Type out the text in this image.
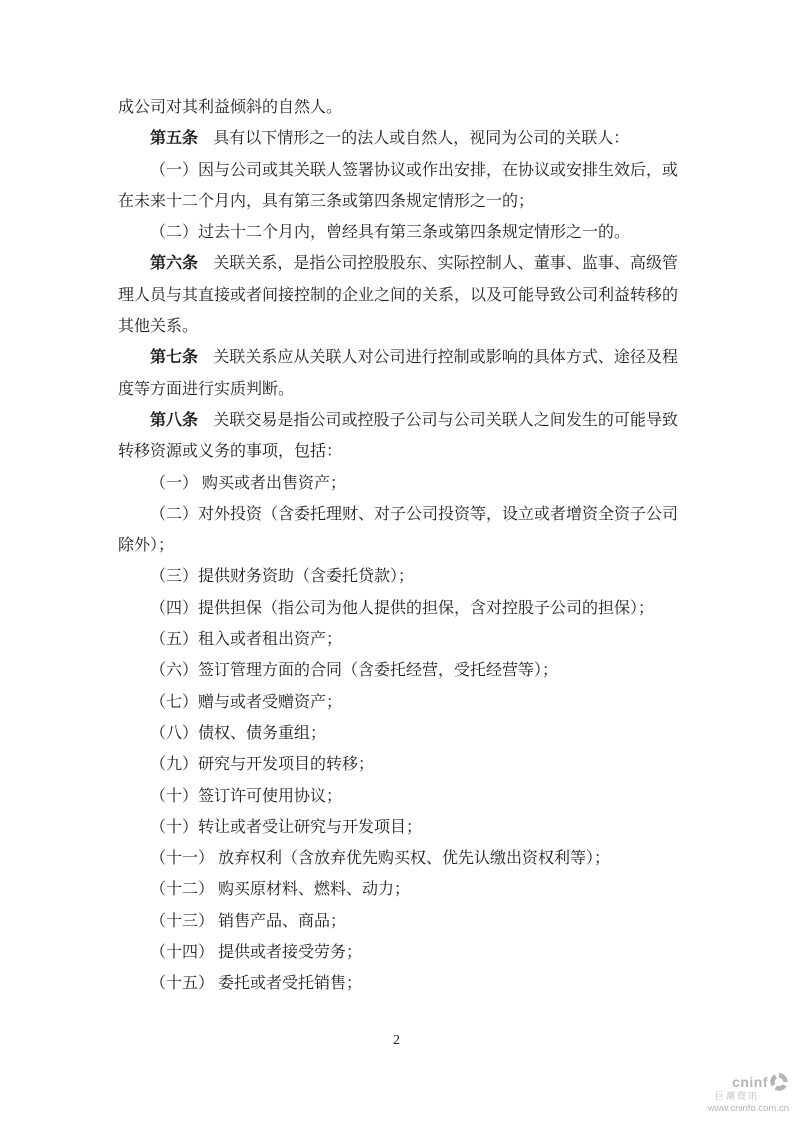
成公司对其利益倾斜的自然人。

第五条 具有以下情形之一的法人或自然人，视同为公司的关联人：

（一）因与公司或其关联人签署协议或作出安排，在协议或安排生效后，或在未来十二个月内，具有第三条或第四条规定情形之一的；

（二）过去十二个月内，曾经具有第三条或第四条规定情形之一的。

第六条 关联关系，是指公司控股股东、实际控制人、董事、监事、高级管理人员与其直接或者间接控制的企业之间的关系，以及可能导致公司利益转移的其他关系。

第七条 关联关系应从关联人对公司进行控制或影响的具体方式、途径及程度等方面进行实质判断。

第八条 关联交易是指公司或控股子公司与公司关联人之间发生的可能导致转移资源或义务的事项，包括：

（一） 购买或者出售资产；

（二）对外投资（含委托理财、对子公司投资等，设立或者增资全资子公司除外）；

（三）提供财务资助（含委托贷款）；

（四）提供担保（指公司为他人提供的担保，含对控股子公司的担保）；

（五）租入或者租出资产；

（六）签订管理方面的合同（含委托经营，受托经营等）；

（七）赠与或者受赠资产；

（八）债权、债务重组；

（九）研究与开发项目的转移；

（十）签订许可使用协议；

（十）转让或者受让研究与开发项目；

（十一） 放弃权利（含放弃优先购买权、优先认缴出资权利等）；

（十二） 购买原材料、燃料、动力；

（十三） 销售产品、商品；

（十四） 提供或者接受劳务；

（十五） 委托或者受托销售；

2
cninf
巨潮资讯
www.cninfo.com.cn
